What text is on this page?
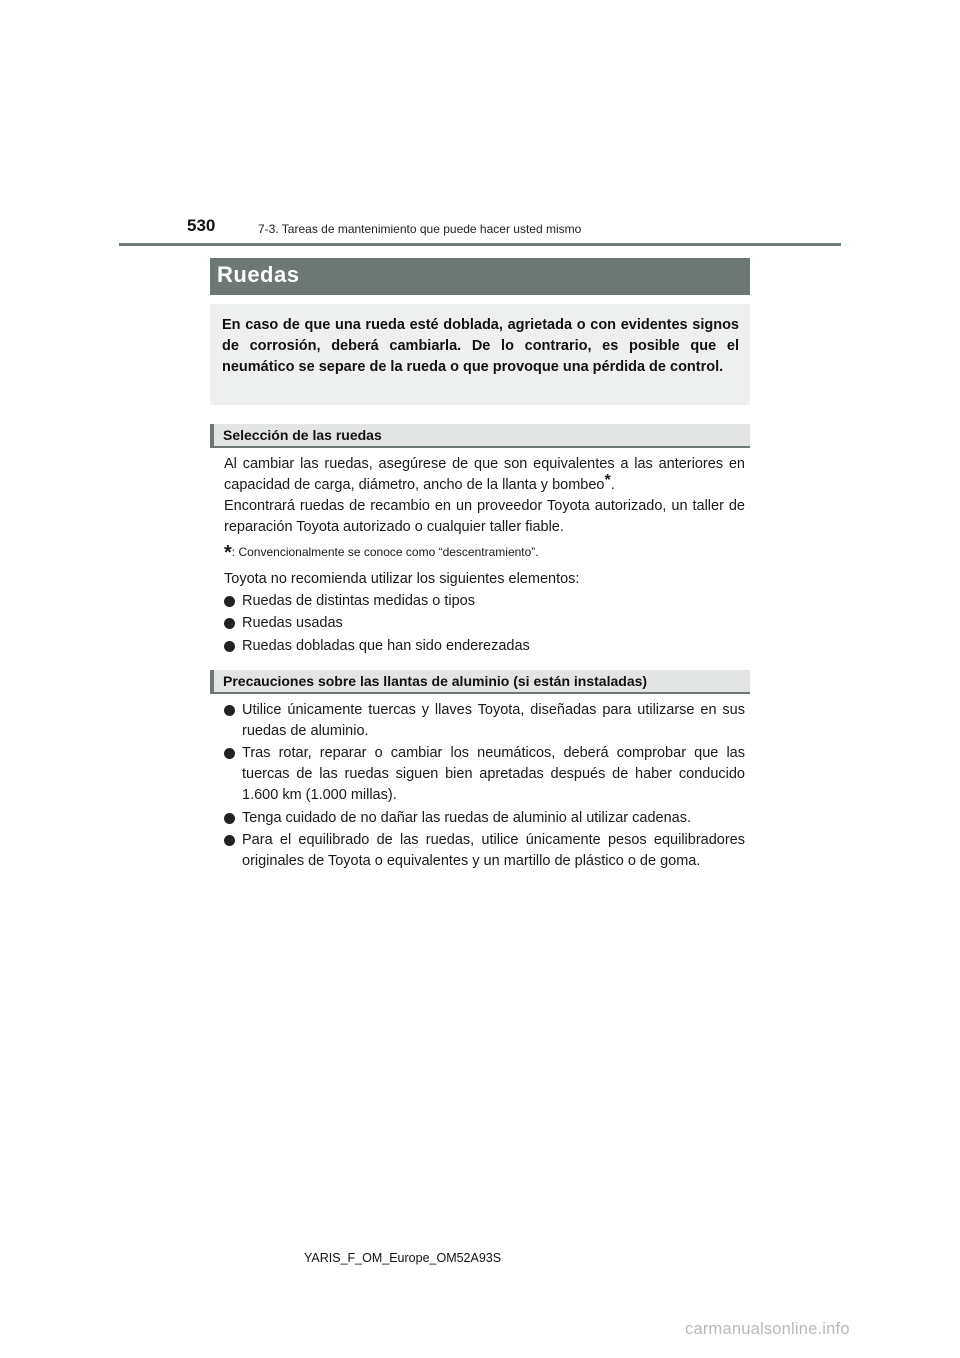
530	7-3. Tareas de mantenimiento que puede hacer usted mismo
Ruedas
En caso de que una rueda esté doblada, agrietada o con evidentes signos de corrosión, deberá cambiarla. De lo contrario, es posible que el neumático se separe de la rueda o que provoque una pérdida de control.
Selección de las ruedas
Al cambiar las ruedas, asegúrese de que son equivalentes a las anteriores en capacidad de carga, diámetro, ancho de la llanta y bombeo*.
Encontrará ruedas de recambio en un proveedor Toyota autorizado, un taller de reparación Toyota autorizado o cualquier taller fiable.
*: Convencionalmente se conoce como “descentramiento”.
Toyota no recomienda utilizar los siguientes elementos:
Ruedas de distintas medidas o tipos
Ruedas usadas
Ruedas dobladas que han sido enderezadas
Precauciones sobre las llantas de aluminio (si están instaladas)
Utilice únicamente tuercas y llaves Toyota, diseñadas para utilizarse en sus ruedas de aluminio.
Tras rotar, reparar o cambiar los neumáticos, deberá comprobar que las tuercas de las ruedas siguen bien apretadas después de haber conducido 1.600 km (1.000 millas).
Tenga cuidado de no dañar las ruedas de aluminio al utilizar cadenas.
Para el equilibrado de las ruedas, utilice únicamente pesos equilibradores originales de Toyota o equivalentes y un martillo de plástico o de goma.
YARIS_F_OM_Europe_OM52A93S
carmanualsonline.info
